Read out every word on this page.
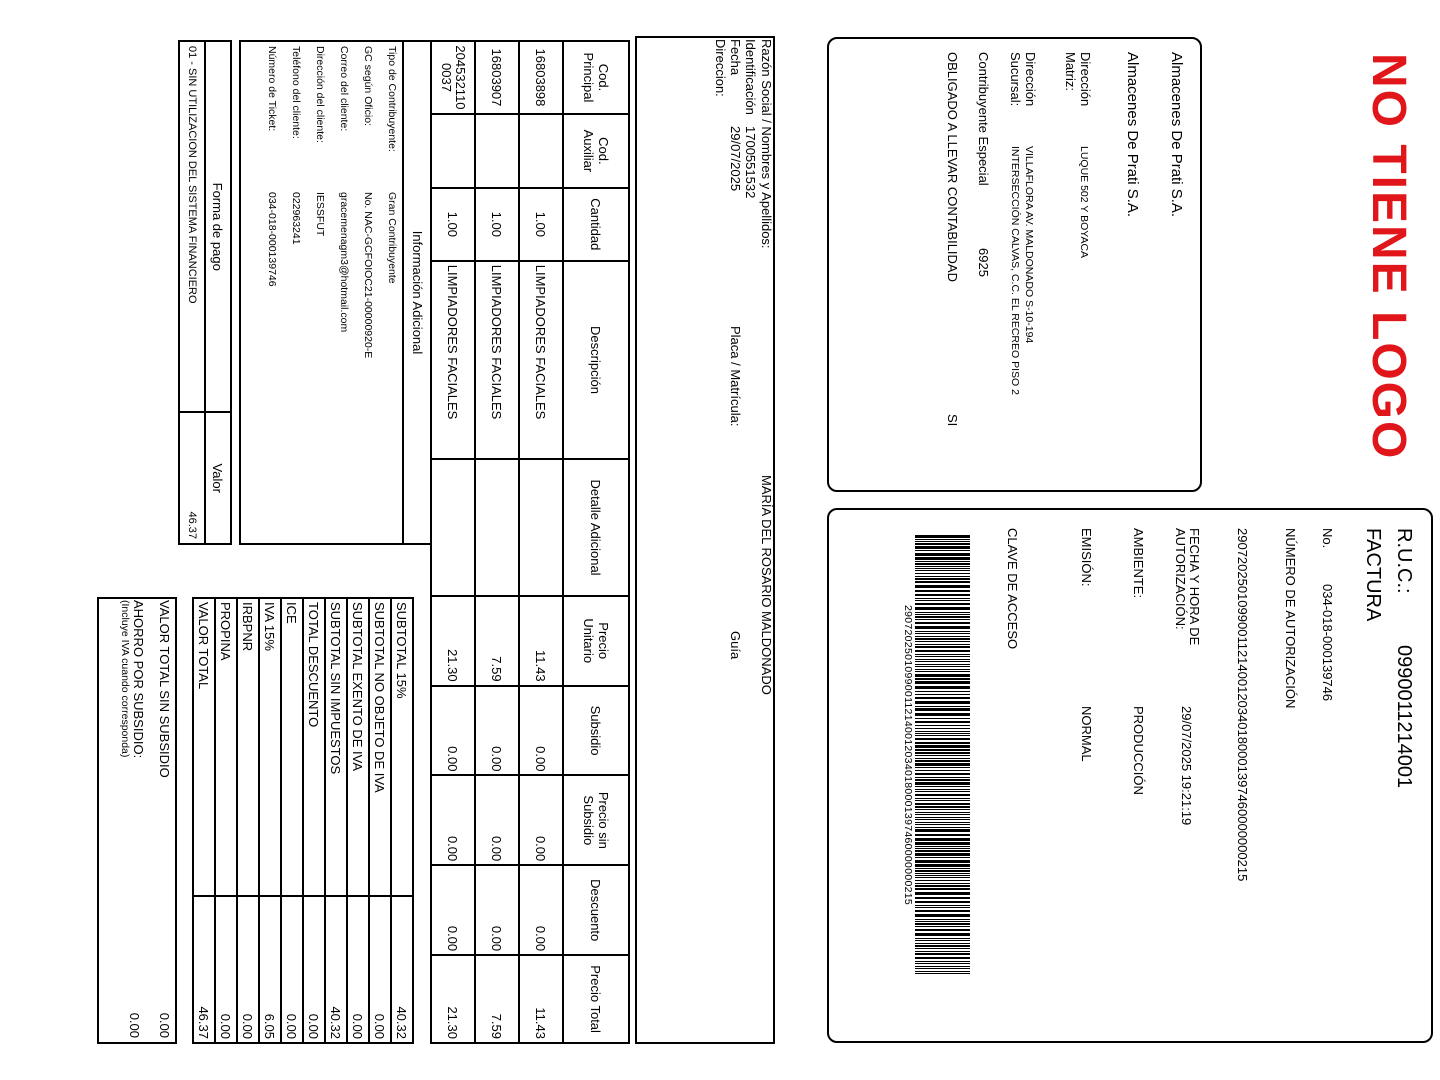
NO TIENE LOGO
Almacenes De Prati S.A.
Almacenes De Prati S.A.
Dirección Matriz:
LUQUE 502 Y BOYACA
Dirección Sucursal:
VILLAFLORA AV. MALDONADO S-10-194
INTERSECCIÓN CALVAS, C.C. EL RECREO PISO 2
Contribuyente Especial
6925
OBLIGADO A LLEVAR CONTABILIDAD
SI
R.U.C.:
0990011214001
FACTURA
No.
034-018-000139746
NÚMERO DE AUTORIZACIÓN
2907202501099001121400120340180001397460000000215
FECHA Y HORA DE
AUTORIZACIÓN:
29/07/2025 19:21:19
AMBIENTE:
PRODUCCIÓN
EMISIÓN:
NORMAL
CLAVE DE ACCESO
2907202501099001121400120340180001397460000000215
Razón Social / Nombres y Apellidos:
MARÍA DEL ROSARIO MALDONADO
Identificación
1700551532
Fecha
29/07/2025
Placa / Matrícula:
Guía
Direccion:
Cod. Principal	Cod. Auxiliar	Cantidad	Descripción	Detalle Adicional	Precio Unitario	Subsidio	Precio sin Subsidio	Descuento	Precio Total
16803898		1.00	LIMPIADORES FACIALES		11.43	0.00	0.00	0.00	11.43
16803907		1.00	LIMPIADORES FACIALES		7.59	0.00	0.00	0.00	7.59
2045321100037		1.00	LIMPIADORES FACIALES		21.30	0.00	0.00	0.00	21.30
Información Adicional
Tipo de Contribuyente:
Gran Contribuyente
GC según Oficio:
No. NAC-GCFOIOC21-00000920-E
Correo del cliente:
gracemenagm3@hotmail.com
Dirección del cliente:
IESSFUT
Teléfono del cliente:
022963241
Número de Ticket:
034-018-000139746
Forma de pago	Valor
01 - SIN UTILIZACION DEL SISTEMA FINANCIERO	46.37
SUBTOTAL 15%	40.32
SUBTOTAL NO OBJETO DE IVA	0.00
SUBTOTAL EXENTO DE IVA	0.00
SUBTOTAL SIN IMPUESTOS	40.32
TOTAL DESCUENTO	0.00
ICE	0.00
IVA 15%	6.05
IRBPNR	0.00
PROPINA	0.00
VALOR TOTAL	46.37
VALOR TOTAL SIN SUBSIDIO
0.00
AHORRO POR SUBSIDIO:
(Incluye IVA cuando corresponda)
0.00
